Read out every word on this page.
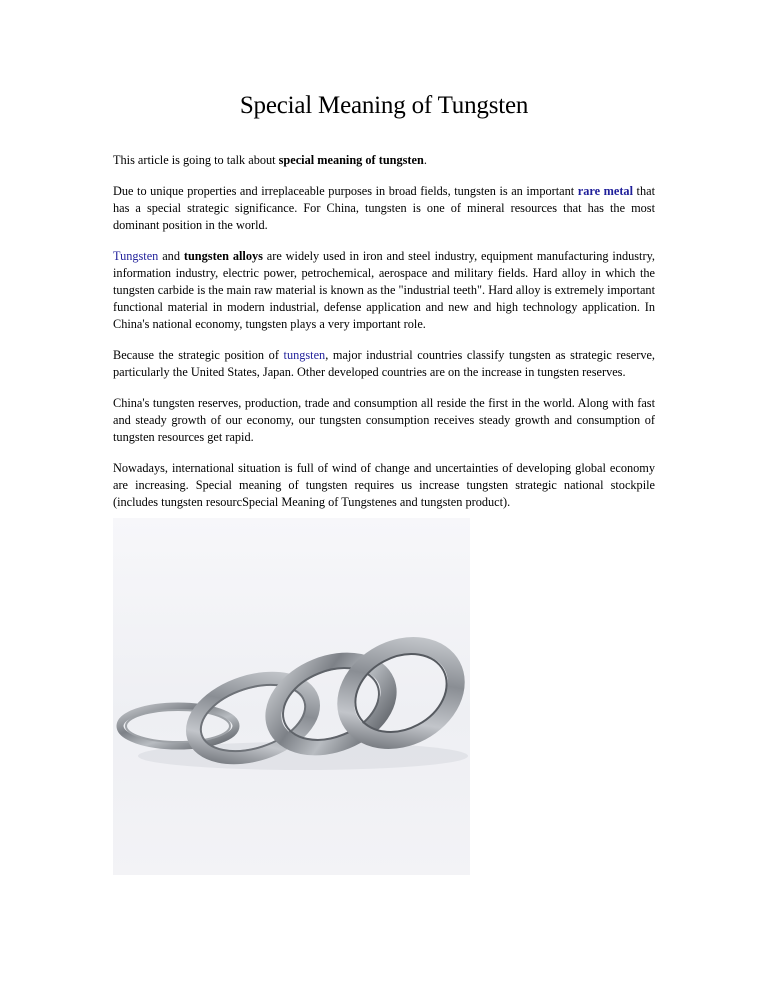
Special Meaning of Tungsten

This article is going to talk about special meaning of tungsten.

Due to unique properties and irreplaceable purposes in broad fields, tungsten is an important rare metal that has a special strategic significance. For China, tungsten is one of mineral resources that has the most dominant position in the world.

Tungsten and tungsten alloys are widely used in iron and steel industry, equipment manufacturing industry, information industry, electric power, petrochemical, aerospace and military fields. Hard alloy in which the tungsten carbide is the main raw material is known as the "industrial teeth". Hard alloy is extremely important functional material in modern industrial, defense application and new and high technology application. In China's national economy, tungsten plays a very important role.

Because the strategic position of tungsten, major industrial countries classify tungsten as strategic reserve, particularly the United States, Japan. Other developed countries are on the increase in tungsten reserves.

China's tungsten reserves, production, trade and consumption all reside the first in the world. Along with fast and steady growth of our economy, our tungsten consumption receives steady growth and consumption of tungsten resources get rapid.

Nowadays, international situation is full of wind of change and uncertainties of developing global economy are increasing. Special meaning of tungsten requires us increase tungsten strategic national stockpile (includes tungsten resourcSpecial Meaning of Tungstenes and tungsten product).
